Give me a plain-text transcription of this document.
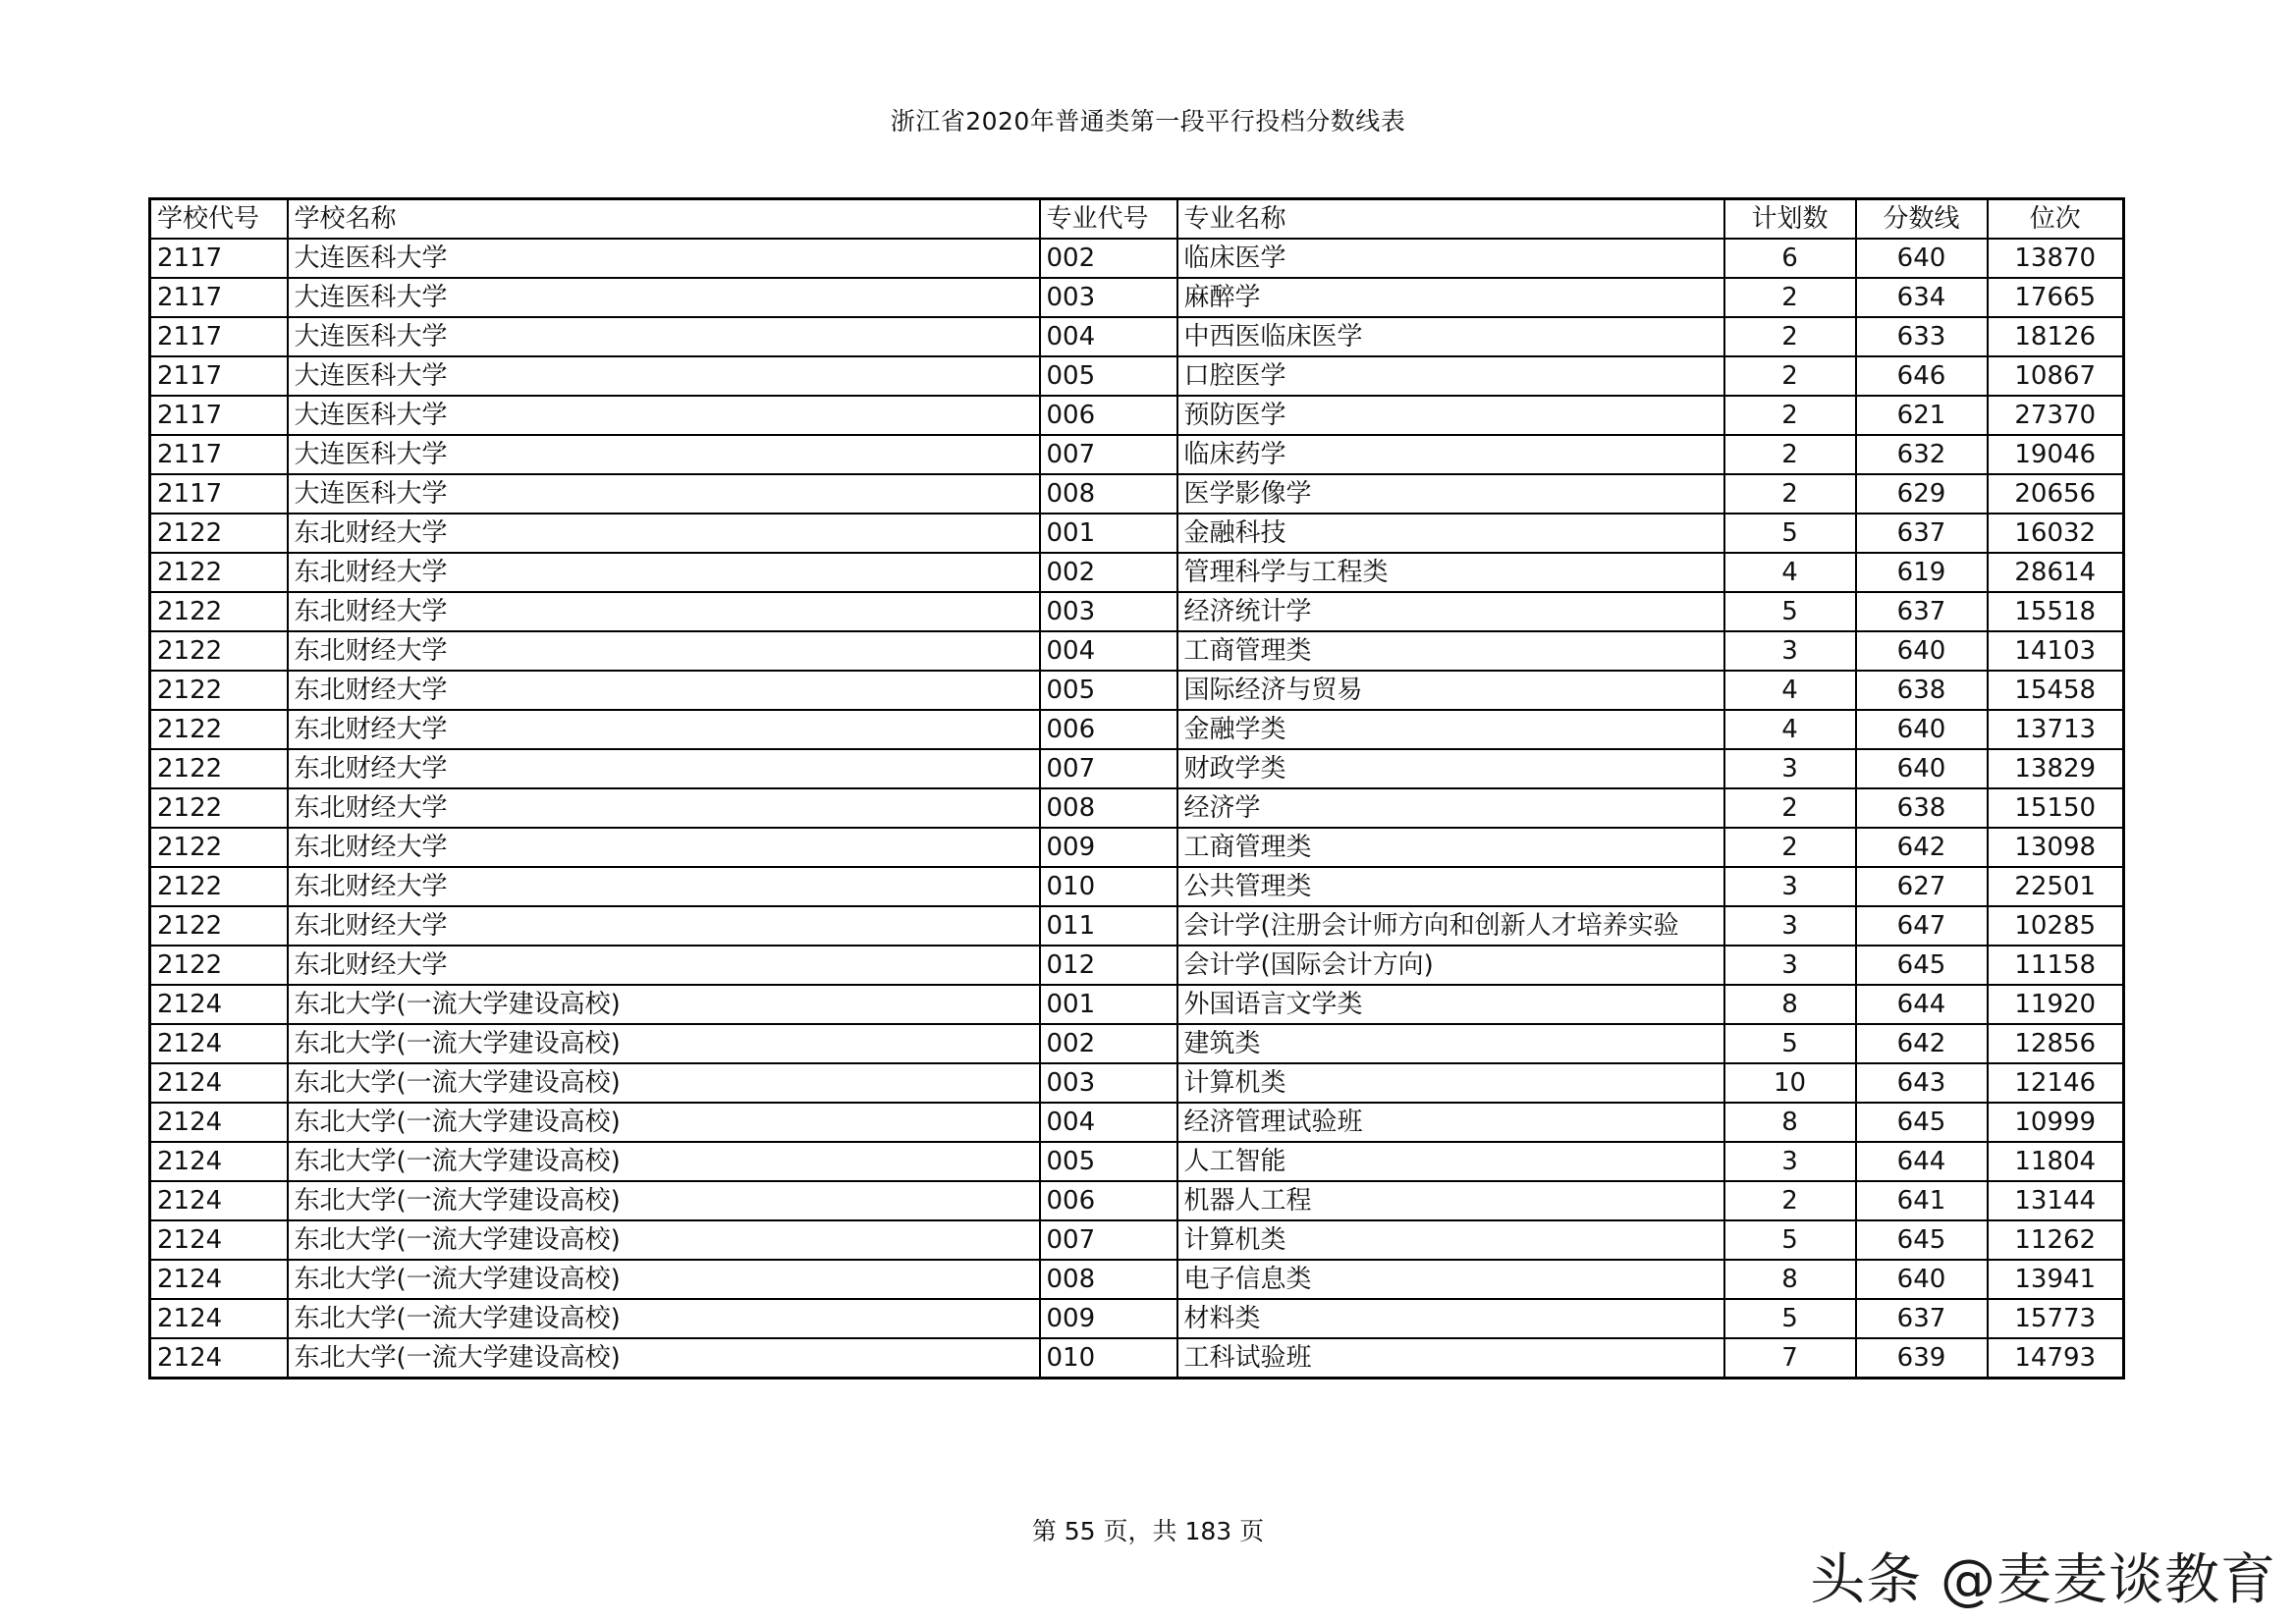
浙江省2020年普通类第一段平行投档分数线表
学校代号	学校名称	专业代号	专业名称	计划数	分数线	位次
2117	大连医科大学	002	临床医学	6	640	13870
2117	大连医科大学	003	麻醉学	2	634	17665
2117	大连医科大学	004	中西医临床医学	2	633	18126
2117	大连医科大学	005	口腔医学	2	646	10867
2117	大连医科大学	006	预防医学	2	621	27370
2117	大连医科大学	007	临床药学	2	632	19046
2117	大连医科大学	008	医学影像学	2	629	20656
2122	东北财经大学	001	金融科技	5	637	16032
2122	东北财经大学	002	管理科学与工程类	4	619	28614
2122	东北财经大学	003	经济统计学	5	637	15518
2122	东北财经大学	004	工商管理类	3	640	14103
2122	东北财经大学	005	国际经济与贸易	4	638	15458
2122	东北财经大学	006	金融学类	4	640	13713
2122	东北财经大学	007	财政学类	3	640	13829
2122	东北财经大学	008	经济学	2	638	15150
2122	东北财经大学	009	工商管理类	2	642	13098
2122	东北财经大学	010	公共管理类	3	627	22501
2122	东北财经大学	011	会计学(注册会计师方向和创新人才培养实验	3	647	10285
2122	东北财经大学	012	会计学(国际会计方向)	3	645	11158
2124	东北大学(一流大学建设高校)	001	外国语言文学类	8	644	11920
2124	东北大学(一流大学建设高校)	002	建筑类	5	642	12856
2124	东北大学(一流大学建设高校)	003	计算机类	10	643	12146
2124	东北大学(一流大学建设高校)	004	经济管理试验班	8	645	10999
2124	东北大学(一流大学建设高校)	005	人工智能	3	644	11804
2124	东北大学(一流大学建设高校)	006	机器人工程	2	641	13144
2124	东北大学(一流大学建设高校)	007	计算机类	5	645	11262
2124	东北大学(一流大学建设高校)	008	电子信息类	8	640	13941
2124	东北大学(一流大学建设高校)	009	材料类	5	637	15773
2124	东北大学(一流大学建设高校)	010	工科试验班	7	639	14793
第 55 页，共 183 页
头条 @麦麦谈教育
